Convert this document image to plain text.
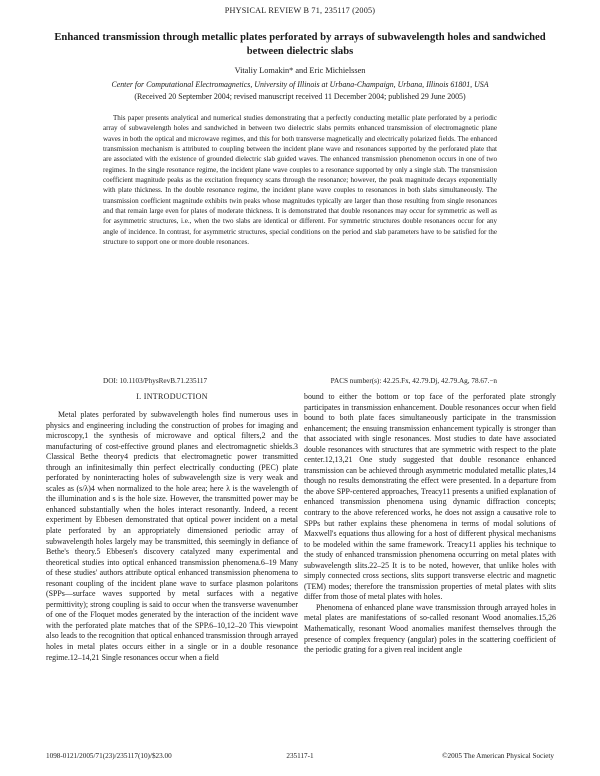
PHYSICAL REVIEW B 71, 235117 (2005)
Enhanced transmission through metallic plates perforated by arrays of subwavelength holes and sandwiched between dielectric slabs
Vitaliy Lomakin* and Eric Michielssen
Center for Computational Electromagnetics, University of Illinois at Urbana-Champaign, Urbana, Illinois 61801, USA
(Received 20 September 2004; revised manuscript received 11 December 2004; published 29 June 2005)

This paper presents analytical and numerical studies demonstrating that a perfectly conducting metallic plate perforated by a periodic array of subwavelength holes and sandwiched in between two dielectric slabs permits enhanced transmission of electromagnetic plane waves in both the optical and microwave regimes, and this for both transverse magnetically and electrically polarized fields. The enhanced transmission mechanism is attributed to coupling between the incident plane wave and resonances supported by the perforated plate that are associated with the existence of grounded dielectric slab guided waves. The enhanced transmission phenomenon occurs in one of two regimes. In the single resonance regime, the incident plane wave couples to a resonance supported by only a single slab. The transmission coefficient magnitude peaks as the excitation frequency scans through the resonance; however, the peak magnitude decays exponentially with plate thickness. In the double resonance regime, the incident plane wave couples to resonances in both slabs simultaneously. The transmission coefficient magnitude exhibits twin peaks whose magnitudes typically are larger than those resulting from single resonances and that remain large even for plates of moderate thickness. It is demonstrated that double resonances may occur for symmetric as well as for asymmetric structures, i.e., when the two slabs are identical or different. For symmetric structures double resonances occur for any angle of incidence. In contrast, for asymmetric structures, special conditions on the period and slab parameters have to be satisfied for the structure to support one or more double resonances.

DOI: 10.1103/PhysRevB.71.235117	PACS number(s): 42.25.Fx, 42.79.Dj, 42.79.Ag, 78.67.−n
I. INTRODUCTION

Metal plates perforated by subwavelength holes find numerous uses in physics and engineering including the construction of probes for imaging and microscopy,1 the synthesis of microwave and optical filters,2 and the manufacturing of cost-effective ground planes and electromagnetic shields.3 Classical Bethe theory4 predicts that electromagnetic power transmitted through an infinitesimally thin perfect electrically conducting (PEC) plate perforated by noninteracting holes of subwavelength size is very weak and scales as (s/λ)4 when normalized to the hole area; here λ is the wavelength of the illumination and s is the hole size. However, the transmitted power may be enhanced substantially when the holes interact resonantly. Indeed, a recent experiment by Ebbesen demonstrated that optical power incident on a metal plate perforated by an appropriately dimensioned periodic array of subwavelength holes largely may be transmitted, this seemingly in defiance of Bethe's theory.5 Ebbesen's discovery catalyzed many experimental and theoretical studies into optical enhanced transmission phenomena.6–19 Many of these studies' authors attribute optical enhanced transmission phenomena to resonant coupling of the incident plane wave to surface plasmon polaritons (SPPs—surface waves supported by metal surfaces with a negative permittivity); strong coupling is said to occur when the transverse wavenumber of one of the Floquet modes generated by the interaction of the incident wave with the perforated plate matches that of the SPP.6–10,12–20 This viewpoint also leads to the recognition that optical enhanced transmission through arrayed holes in metal plates occurs either in a single or in a double resonance regime.12–14,21 Single resonances occur when a field

bound to either the bottom or top face of the perforated plate strongly participates in transmission enhancement. Double resonances occur when field bound to both plate faces simultaneously participate in the transmission enhancement; the ensuing transmission enhancement typically is stronger than that associated with single resonances. Most studies to date have associated double resonances with structures that are symmetric with respect to the plate center.12,13,21 One study suggested that double resonance enhanced transmission can be achieved through asymmetric modulated metallic plates,14 though no results demonstrating the effect were presented. In a departure from the above SPP-centered approaches, Treacy11 presents a unified explanation of enhanced transmission phenomena using dynamic diffraction concepts; contrary to the above referenced works, he does not assign a causative role to SPPs but rather explains these phenomena in terms of modal solutions of Maxwell's equations thus allowing for a host of different physical mechanisms to be modeled within the same framework. Treacy11 applies his technique to the study of enhanced transmission phenomena occurring on metal plates with subwavelength slits.22–25 It is to be noted, however, that unlike holes with simply connected cross sections, slits support transverse electric and magnetic (TEM) modes; therefore the transmission properties of metal plates with slits differ from those of metal plates with holes.

Phenomena of enhanced plane wave transmission through arrayed holes in metal plates are manifestations of so-called resonant Wood anomalies.15,26 Mathematically, resonant Wood anomalies manifest themselves through the presence of complex frequency (angular) poles in the scattering coefficient of the periodic grating for a given real incident angle

1098-0121/2005/71(23)/235117(10)/$23.00	235117-1	©2005 The American Physical Society
